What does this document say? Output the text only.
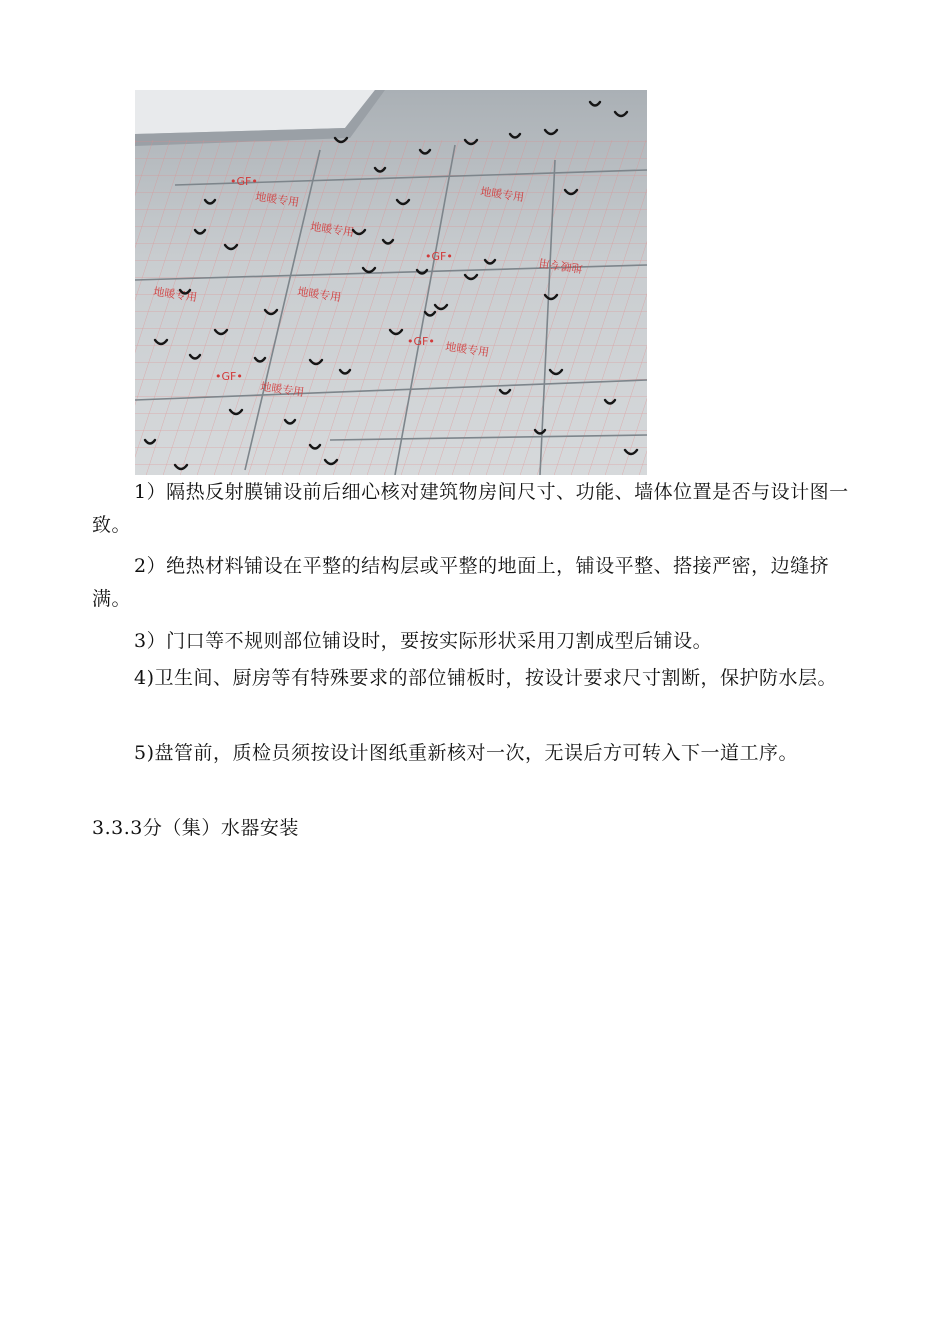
地暖专用
地暖专用
地暖专用
地暖专用	地暖专用
地暖专用
地暖专用
地暖专用
•GF•
•GF•
•GF•
•GF•

1）隔热反射膜铺设前后细心核对建筑物房间尺寸、功能、墙体位置是否与设计图一致。

2）绝热材料铺设在平整的结构层或平整的地面上，铺设平整、搭接严密，边缝挤满。

3）门口等不规则部位铺设时，要按实际形状采用刀割成型后铺设。

4)卫生间、厨房等有特殊要求的部位铺板时，按设计要求尺寸割断，保护防水层。

5)盘管前，质检员须按设计图纸重新核对一次，无误后方可转入下一道工序。

3.3.3分（集）水器安装
